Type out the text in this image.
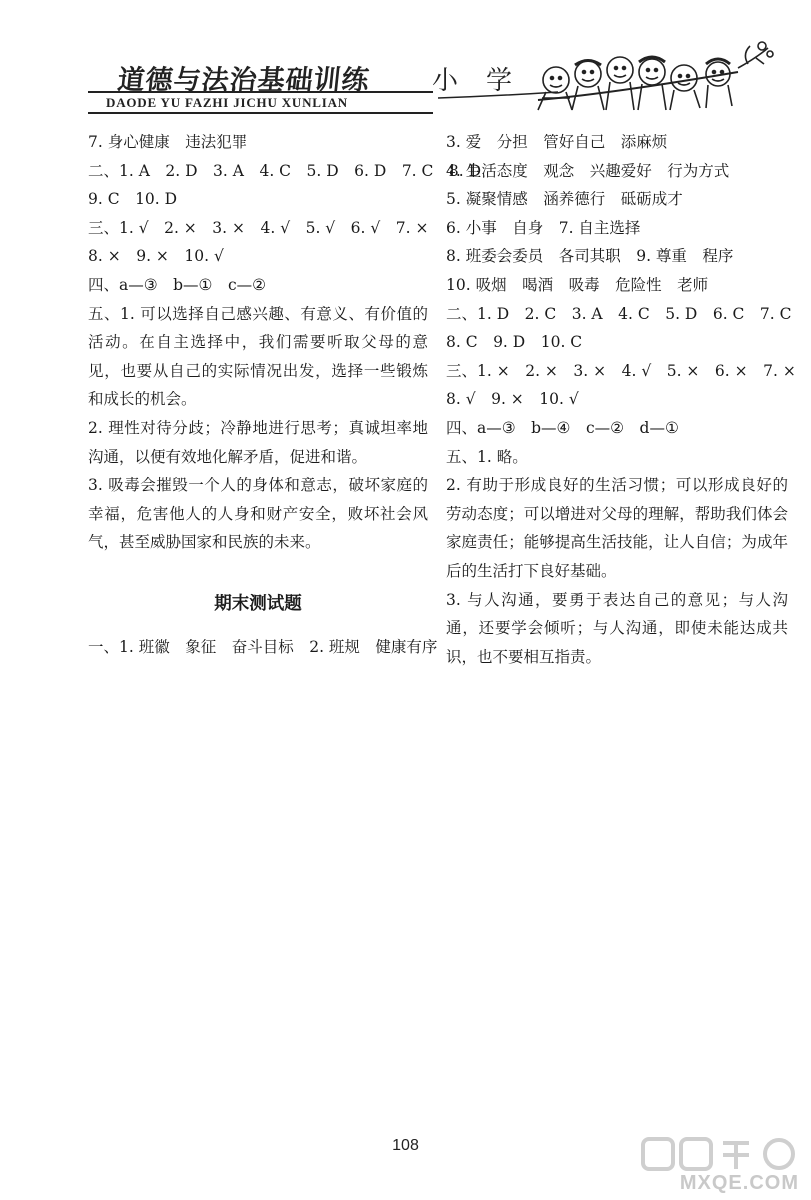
道德与法治基础训练
DAODE YU FAZHI JICHU XUNLIAN
小学
7. 身心健康　违法犯罪
二、1. A　2. D　3. A　4. C　5. D　6. D　7. C　8. D
9. C　10. D
三、1. √　2. ×　3. ×　4. √　5. √　6. √　7. ×
8. ×　9. ×　10. √
四、a—③　b—①　c—②
五、1. 可以选择自己感兴趣、有意义、有价值的活动。在自主选择中，我们需要听取父母的意见，也要从自己的实际情况出发，选择一些锻炼和成长的机会。
2. 理性对待分歧；冷静地进行思考；真诚坦率地沟通，以便有效地化解矛盾，促进和谐。
3. 吸毒会摧毁一个人的身体和意志，破坏家庭的幸福，危害他人的人身和财产安全，败坏社会风气，甚至威胁国家和民族的未来。
期末测试题
一、1. 班徽　象征　奋斗目标　2. 班规　健康有序
3. 爱　分担　管好自己　添麻烦
4. 生活态度　观念　兴趣爱好　行为方式
5. 凝聚情感　涵养德行　砥砺成才
6. 小事　自身　7. 自主选择
8. 班委会委员　各司其职　9. 尊重　程序
10. 吸烟　喝酒　吸毒　危险性　老师
二、1. D　2. C　3. A　4. C　5. D　6. C　7. C
8. C　9. D　10. C
三、1. ×　2. ×　3. ×　4. √　5. ×　6. ×　7. ×
8. √　9. ×　10. √
四、a—③　b—④　c—②　d—①
五、1. 略。
2. 有助于形成良好的生活习惯；可以形成良好的劳动态度；可以增进对父母的理解，帮助我们体会家庭责任；能够提高生活技能，让人自信；为成年后的生活打下良好基础。
3. 与人沟通，要勇于表达自己的意见；与人沟通，还要学会倾听；与人沟通，即使未能达成共识，也不要相互指责。
108
MXQE.COM
